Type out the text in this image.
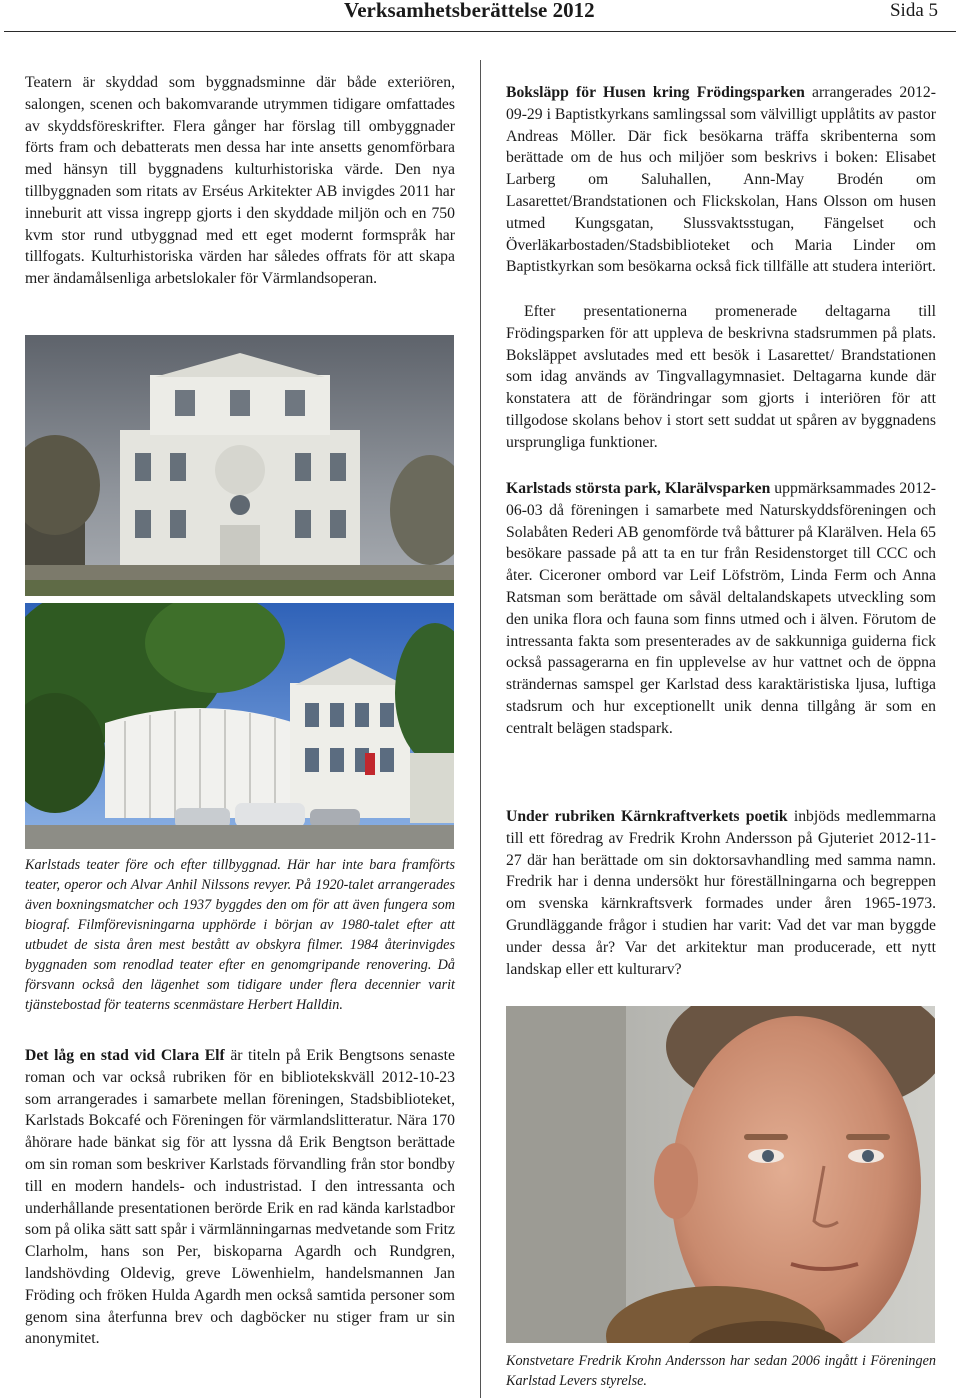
Verksamhetsberättelse 2012	Sida 5

Teatern är skyddad som byggnadsminne där både exteriören, salongen, scenen och bakomvarande utrymmen tidigare omfattades av skyddsföreskrifter. Flera gånger har förslag till ombyggnader förts fram och debatterats men dessa har inte ansetts genomförbara med hänsyn till byggnadens kulturhistoriska värde. Den nya tillbyggnaden som ritats av Erséus Arkitekter AB invigdes 2011 har inneburit att vissa ingrepp gjorts i den skyddade miljön och en 750 kvm stor rund utbyggnad med ett eget modernt formspråk har tillfogats. Kulturhistoriska värden har således offrats för att skapa mer ändamålsenliga arbetslokaler för Värmlandsoperan.

Karlstads teater före och efter tillbyggnad. Här har inte bara framförts teater, operor och Alvar Anhil Nilssons revyer. På 1920-talet arrangerades även boxningsmatcher och 1937 byggdes den om för att även fungera som biograf. Filmförevisningarna upphörde i början av 1980-talet efter att utbudet de sista åren mest bestått av obskyra filmer. 1984 återinvigdes byggnaden som renodlad teater efter en genomgripande renovering. Då försvann också den lägenhet som tidigare under flera decennier varit tjänstebostad för teaterns scenmästare Herbert Halldin.

Det låg en stad vid Clara Elf är titeln på Erik Bengtsons senaste roman och var också rubriken för en bibliotekskväll 2012-10-23 som arrangerades i samarbete mellan föreningen, Stadsbiblioteket, Karlstads Bokcafé och Föreningen för värmlandslitteratur. Nära 170 åhörare hade bänkat sig för att lyssna då Erik Bengtson berättade om sin roman som beskriver Karlstads förvandling från stor bondby till en modern handels- och industristad. I den intressanta och underhållande presentationen berörde Erik en rad kända karlstadbor som på olika sätt satt spår i värmlänningarnas medvetande som Fritz Clarholm, hans son Per, biskoparna Agardh och Rundgren, landshövding Oldevig, greve Löwenhielm, handelsmannen Jan Fröding och fröken Hulda Agardh men också samtida personer som genom sina återfunna brev och dagböcker nu stiger fram ur sin anonymitet.

Boksläpp för Husen kring Frödingsparken arrangerades 2012-09-29 i Baptistkyrkans samlingssal som välvilligt upplåtits av pastor Andreas Möller. Där fick besökarna träffa skribenterna som berättade om de hus och miljöer som beskrivs i boken: Elisabet Larberg om Saluhallen, Ann-May Brodén om Lasarettet/Brandstationen och Flickskolan, Hans Olsson om husen utmed Kungsgatan, Slussvaktsstugan, Fängelset och Överläkarbostaden/Stadsbiblioteket och Maria Linder om Baptistkyrkan som besökarna också fick tillfälle att studera interiört.

Efter presentationerna promenerade deltagarna till Frödingsparken för att uppleva de beskrivna stadsrummen på plats. Boksläppet avslutades med ett besök i Lasarettet/ Brandstationen som idag används av Tingvallagymnasiet. Deltagarna kunde där konstatera att de förändringar som gjorts i interiören för att tillgodose skolans behov i stort sett suddat ut spåren av byggnadens ursprungliga funktioner.

Karlstads största park, Klarälvsparken uppmärksammades 2012-06-03 då föreningen i samarbete med Naturskyddsföreningen och Solabåten Rederi AB genomförde två båtturer på Klarälven. Hela 65 besökare passade på att ta en tur från Residenstorget till CCC och åter. Ciceroner ombord var Leif Löfström, Linda Ferm och Anna Ratsman som berättade om såväl deltalandskapets utveckling som den unika flora och fauna som finns utmed och i älven. Förutom de intressanta fakta som presenterades av de sakkunniga guiderna fick också passagerarna en fin upplevelse av hur vattnet och de öppna strändernas samspel ger Karlstad dess karaktäristiska ljusa, luftiga stadsrum och hur exceptionellt unik denna tillgång är som en centralt belägen stadspark.

Under rubriken Kärnkraftverkets poetik inbjöds medlemmarna till ett föredrag av Fredrik Krohn Andersson på Gjuteriet 2012-11-27 där han berättade om sin doktorsavhandling med samma namn. Fredrik har i denna undersökt hur föreställningarna och begreppen om svenska kärnkraftsverk formades under åren 1965-1973. Grundläggande frågor i studien har varit: Vad det var man byggde under dessa år? Var det arkitektur man producerade, ett nytt landskap eller ett kulturarv?

Konstvetare Fredrik Krohn Andersson har sedan 2006 ingått i Föreningen Karlstad Levers styrelse.
